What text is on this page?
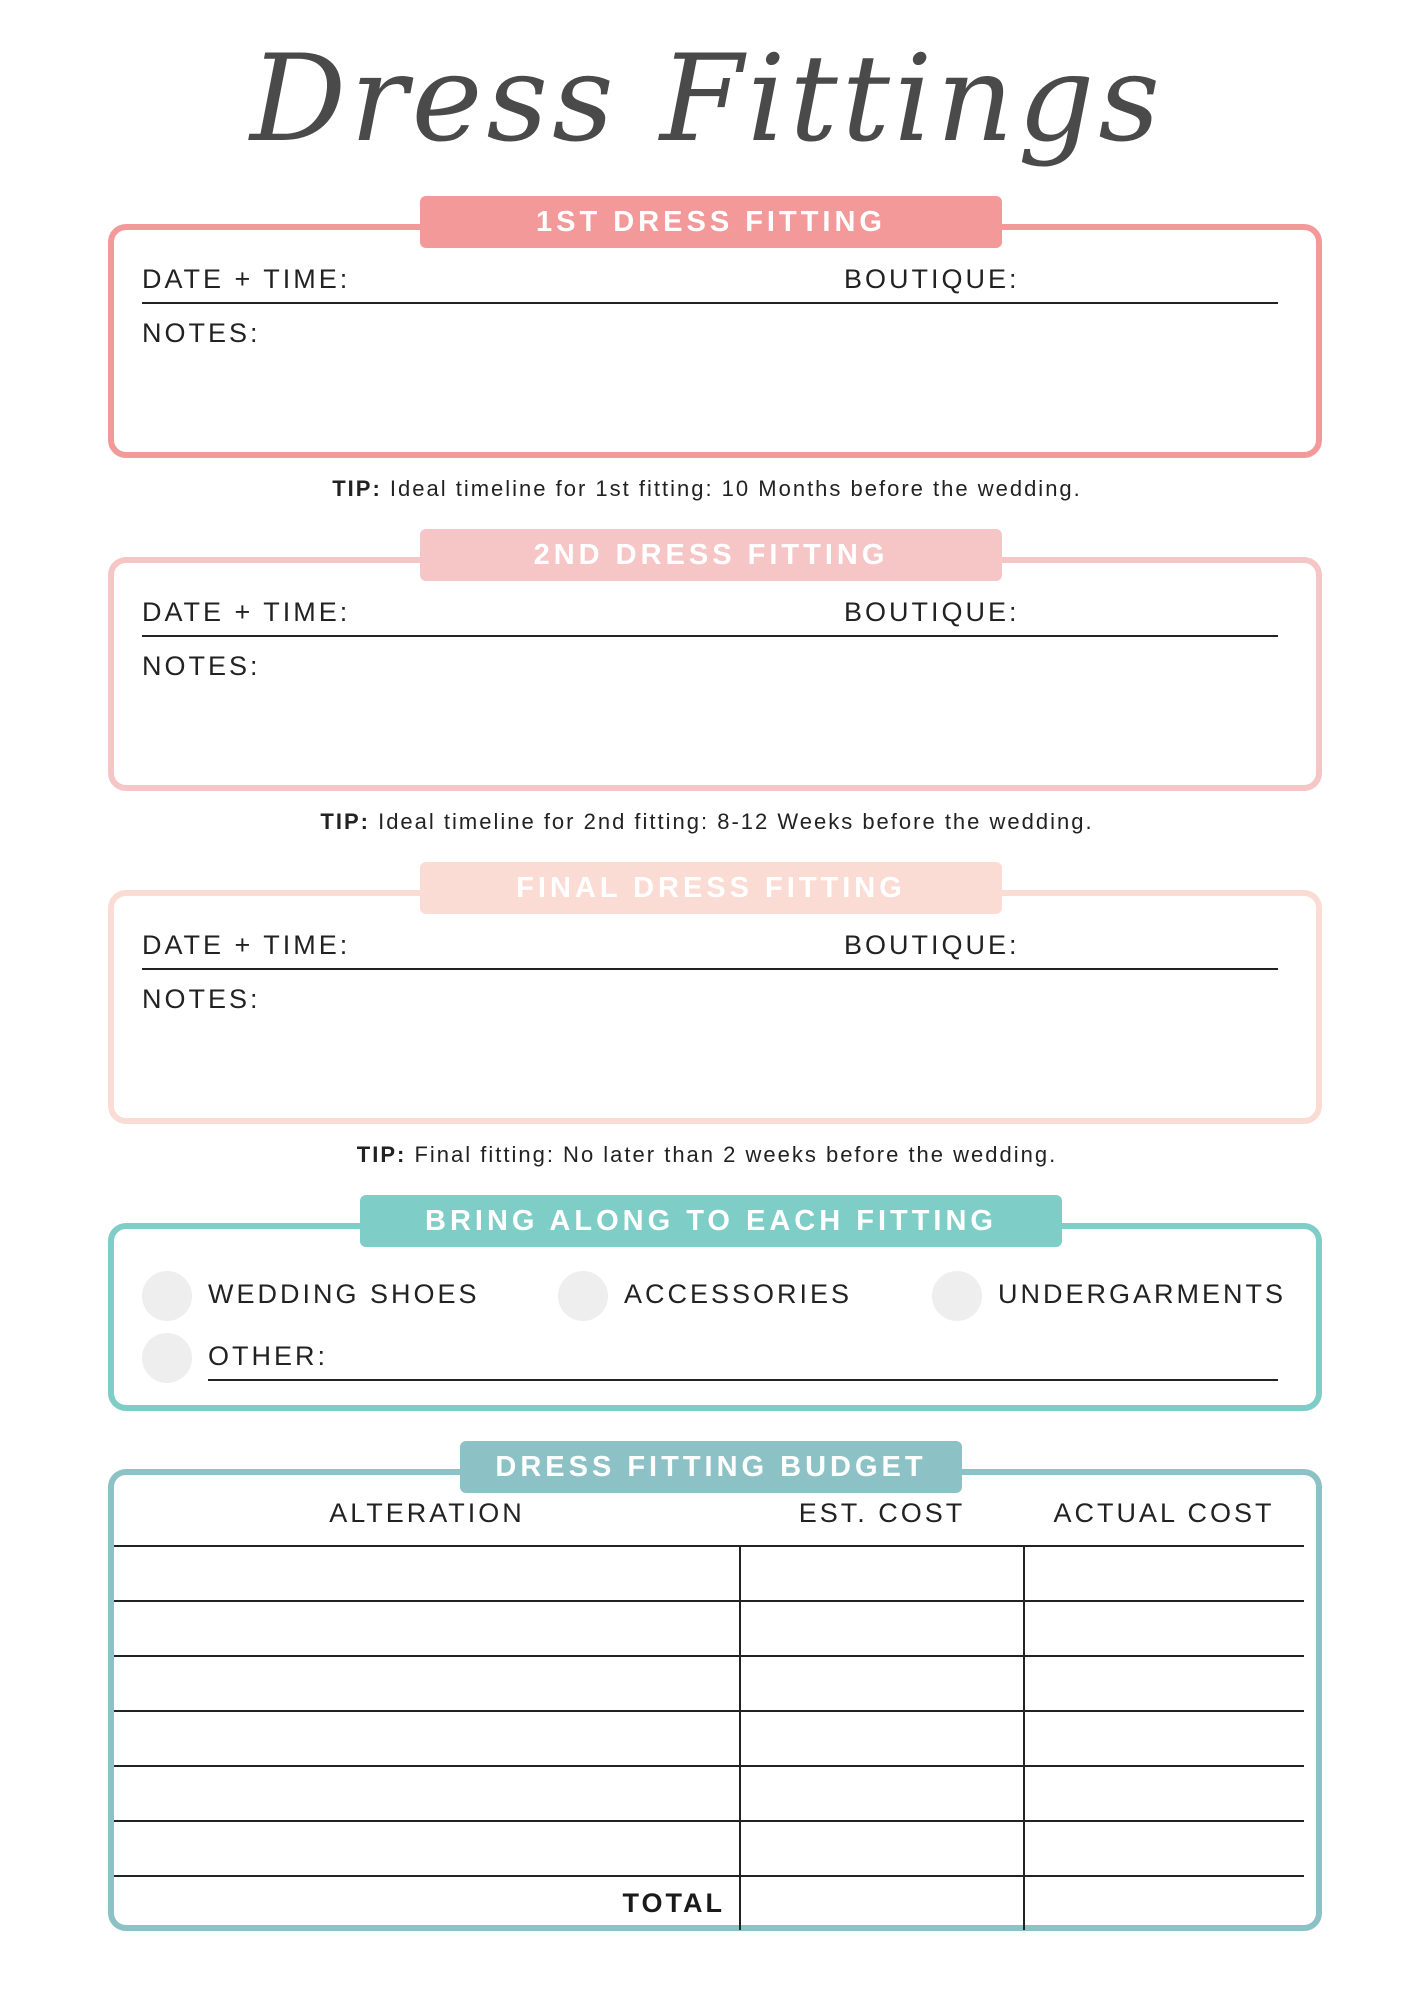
Dress Fittings
1ST DRESS FITTING
DATE + TIME:	BOUTIQUE:
NOTES:
TIP: Ideal timeline for 1st fitting: 10 Months before the wedding.
2ND DRESS FITTING
DATE + TIME:	BOUTIQUE:
NOTES:
TIP: Ideal timeline for 2nd fitting: 8-12 Weeks before the wedding.
FINAL DRESS FITTING
DATE + TIME:	BOUTIQUE:
NOTES:
TIP: Final fitting: No later than 2 weeks before the wedding.
BRING ALONG TO EACH FITTING
WEDDING SHOES	ACCESSORIES	UNDERGARMENTS
OTHER:
DRESS FITTING BUDGET
ALTERATION	EST. COST	ACTUAL COST

TOTAL		
